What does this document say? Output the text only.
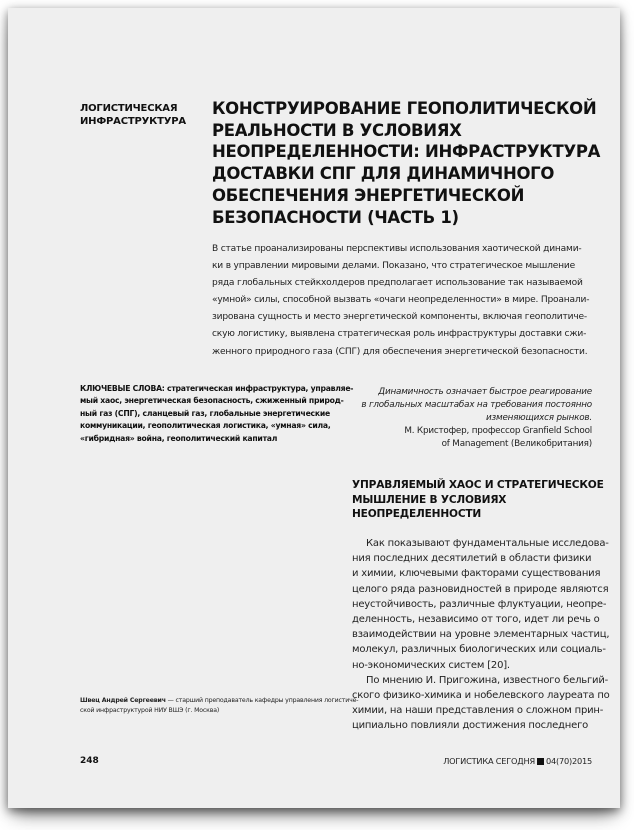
ЛОГИСТИЧЕСКАЯ
ИНФРАСТРУКТУРА
КОНСТРУИРОВАНИЕ ГЕОПОЛИТИЧЕСКОЙ
РЕАЛЬНОСТИ В УСЛОВИЯХ
НЕОПРЕДЕЛЕННОСТИ: ИНФРАСТРУКТУРА
ДОСТАВКИ СПГ ДЛЯ ДИНАМИЧНОГО
ОБЕСПЕЧЕНИЯ ЭНЕРГЕТИЧЕСКОЙ
БЕЗОПАСНОСТИ (ЧАСТЬ 1)
В статье проанализированы перспективы использования хаотической динами-
ки в управлении мировыми делами. Показано, что стратегическое мышление
ряда глобальных стейкхолдеров предполагает использование так называемой
«умной» силы, способной вызвать «очаги неопределенности» в мире. Проанали-
зирована сущность и место энергетической компоненты, включая геополитиче-
скую логистику, выявлена стратегическая роль инфраструктуры доставки сжи-
женного природного газа (СПГ) для обеспечения энергетической безопасности.
КЛЮЧЕВЫЕ СЛОВА: стратегическая инфраструктура, управляе-
мый хаос, энергетическая безопасность, сжиженный природ-
ный газ (СПГ), сланцевый газ, глобальные энергетические
коммуникации, геополитическая логистика, «умная» сила,
«гибридная» война, геополитический капитал
Динамичность означает быстрое реагирование
в глобальных масштабах на требования постоянно
изменяющихся рынков.
М. Кристофер, профессор Granfield School
of Management (Великобритания)
УПРАВЛЯЕМЫЙ ХАОС И СТРАТЕГИЧЕСКОЕ
МЫШЛЕНИЕ В УСЛОВИЯХ
НЕОПРЕДЕЛЕННОСТИ
Как показывают фундаментальные исследова-
ния последних десятилетий в области физики
и химии, ключевыми факторами существования
целого ряда разновидностей в природе являются
неустойчивость, различные флуктуации, неопре-
деленность, независимо от того, идет ли речь о
взаимодействии на уровне элементарных частиц,
молекул, различных биологических или социаль-
но-экономических систем [20].
По мнению И. Пригожина, известного бельгий-
ского физико-химика и нобелевского лауреата по
химии, на наши представления о сложном прин-
ципиально повлияли достижения последнего
Швец Андрей Сергеевич — старший преподаватель кафедры управления логистиче-
ской инфраструктурой НИУ ВШЭ (г. Москва)
248	ЛОГИСТИКА СЕГОДНЯ 04(70)2015
